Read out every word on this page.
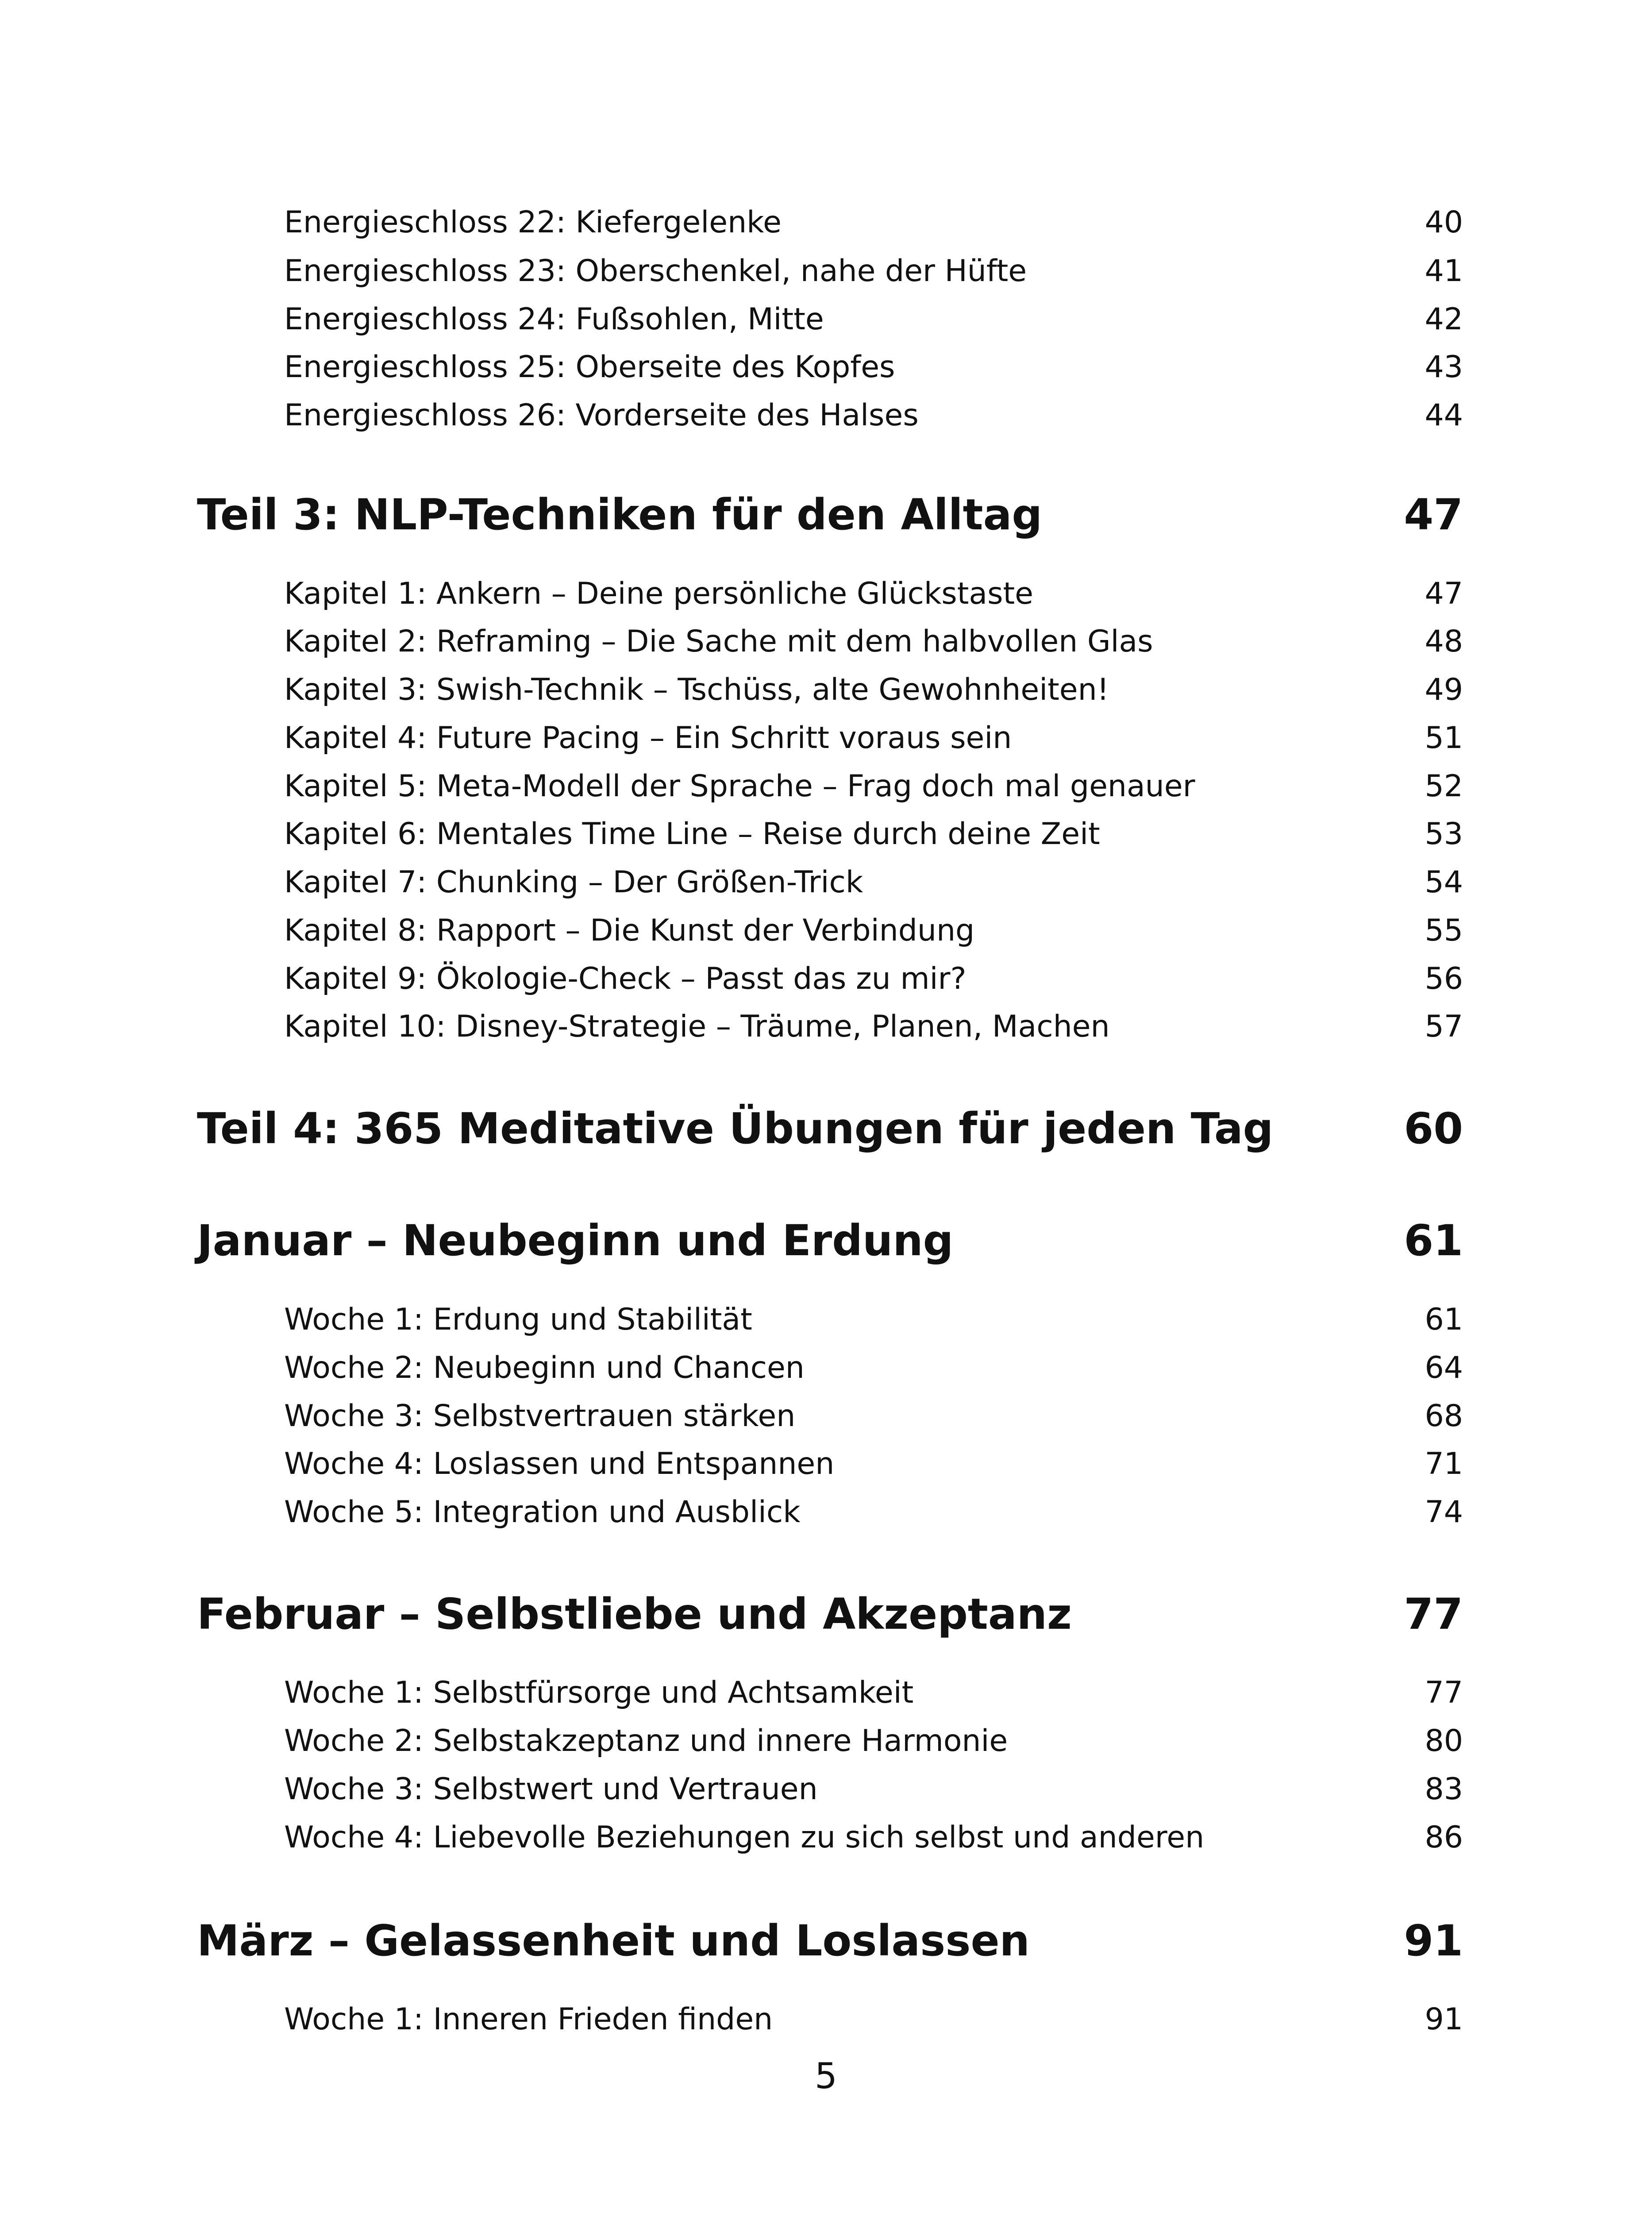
Energieschloss 22: Kiefergelenke	40
Energieschloss 23: Oberschenkel, nahe der Hüfte	41
Energieschloss 24: Fußsohlen, Mitte	42
Energieschloss 25: Oberseite des Kopfes	43
Energieschloss 26: Vorderseite des Halses	44
Teil 3: NLP-Techniken für den Alltag	47
Kapitel 1: Ankern – Deine persönliche Glückstaste	47
Kapitel 2: Reframing – Die Sache mit dem halbvollen Glas	48
Kapitel 3: Swish-Technik – Tschüss, alte Gewohnheiten!	49
Kapitel 4: Future Pacing – Ein Schritt voraus sein	51
Kapitel 5: Meta-Modell der Sprache – Frag doch mal genauer	52
Kapitel 6: Mentales Time Line – Reise durch deine Zeit	53
Kapitel 7: Chunking – Der Größen-Trick	54
Kapitel 8: Rapport – Die Kunst der Verbindung	55
Kapitel 9: Ökologie-Check – Passt das zu mir?	56
Kapitel 10: Disney-Strategie – Träume, Planen, Machen	57
Teil 4: 365 Meditative Übungen für jeden Tag	60
Januar – Neubeginn und Erdung	61
Woche 1: Erdung und Stabilität	61
Woche 2: Neubeginn und Chancen	64
Woche 3: Selbstvertrauen stärken	68
Woche 4: Loslassen und Entspannen	71
Woche 5: Integration und Ausblick	74
Februar – Selbstliebe und Akzeptanz	77
Woche 1: Selbstfürsorge und Achtsamkeit	77
Woche 2: Selbstakzeptanz und innere Harmonie	80
Woche 3: Selbstwert und Vertrauen	83
Woche 4: Liebevolle Beziehungen zu sich selbst und anderen	86
März – Gelassenheit und Loslassen	91
Woche 1: Inneren Frieden finden	91
5
